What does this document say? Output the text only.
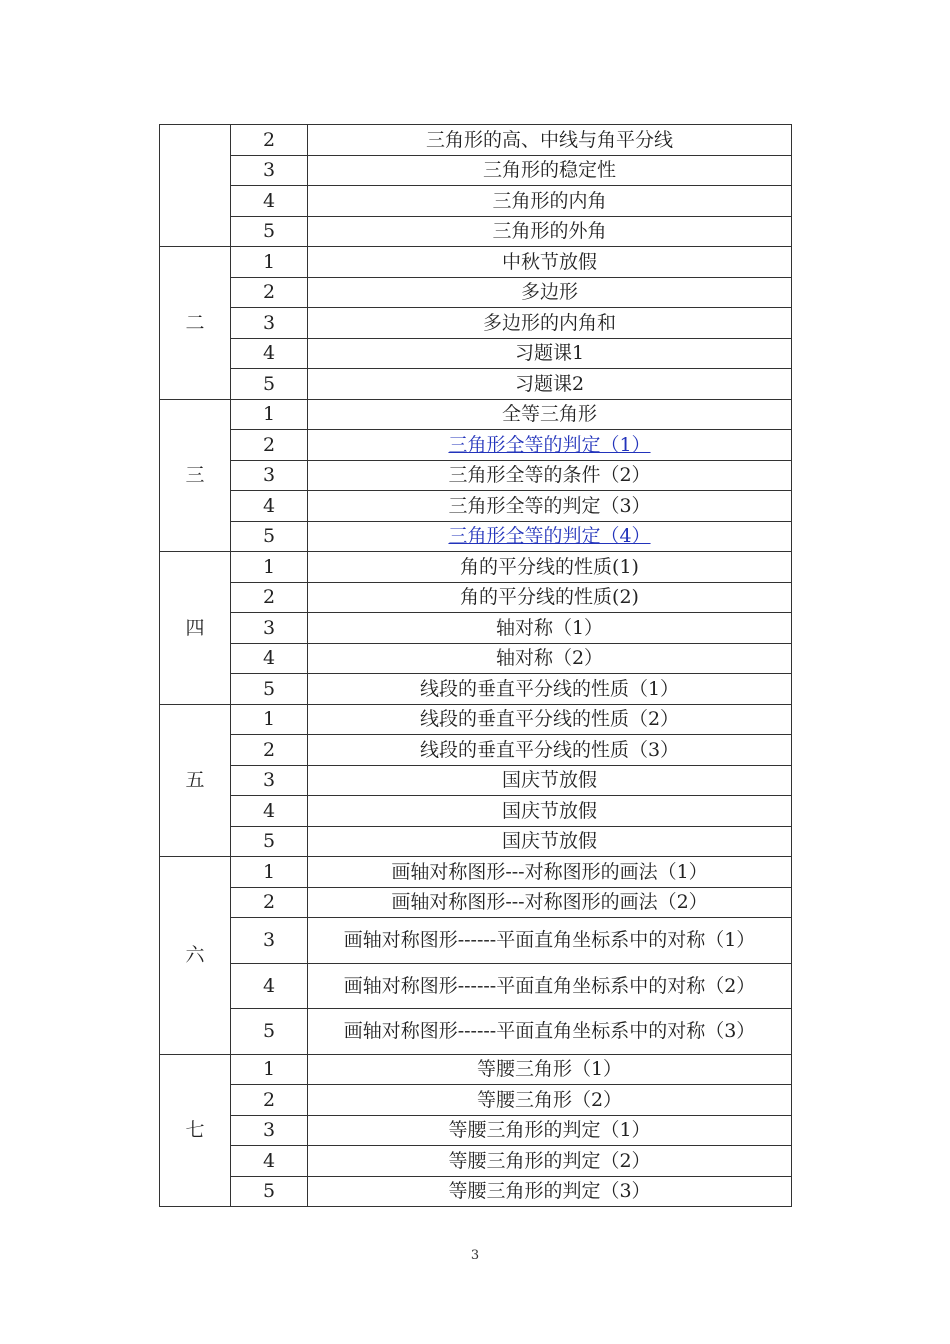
	2	三角形的高、中线与角平分线
	3	三角形的稳定性
	4	三角形的内角
	5	三角形的外角
二	1	中秋节放假
	2	多边形
	3	多边形的内角和
	4	习题课1
	5	习题课2
三	1	全等三角形
	2	三角形全等的判定（1）
	3	三角形全等的条件（2）
	4	三角形全等的判定（3）
	5	三角形全等的判定（4）
四	1	角的平分线的性质(1)
	2	角的平分线的性质(2)
	3	轴对称（1）
	4	轴对称（2）
	5	线段的垂直平分线的性质（1）
五	1	线段的垂直平分线的性质（2）
	2	线段的垂直平分线的性质（3）
	3	国庆节放假
	4	国庆节放假
	5	国庆节放假
六	1	画轴对称图形---对称图形的画法（1）
	2	画轴对称图形---对称图形的画法（2）
	3	画轴对称图形------平面直角坐标系中的对称（1）
	4	画轴对称图形------平面直角坐标系中的对称（2）
	5	画轴对称图形------平面直角坐标系中的对称（3）
七	1	等腰三角形（1）
	2	等腰三角形（2）
	3	等腰三角形的判定（1）
	4	等腰三角形的判定（2）
	5	等腰三角形的判定（3）
3
